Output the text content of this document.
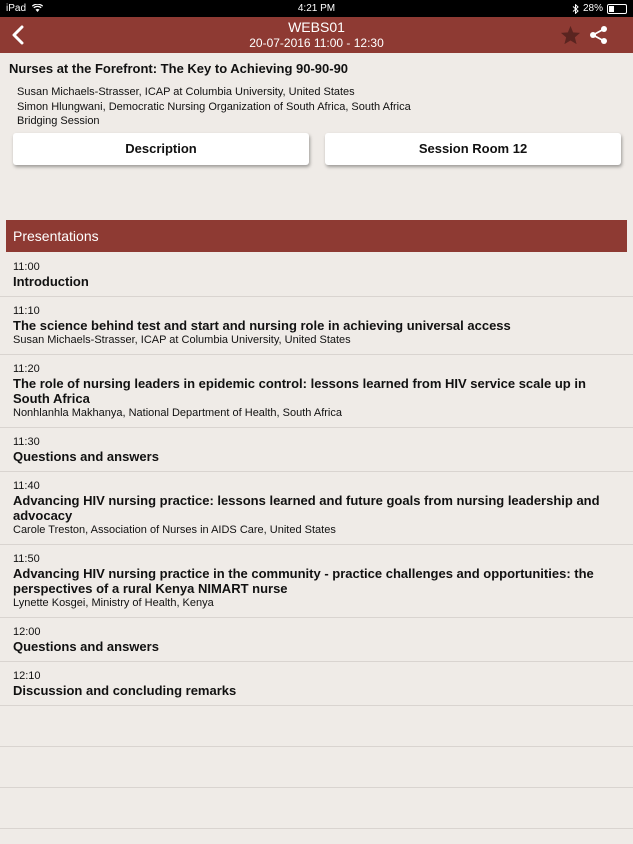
iPad	4:21 PM	28%
WEBS01
20-07-2016 11:00 - 12:30
Nurses at the Forefront: The Key to Achieving 90-90-90
Susan Michaels-Strasser, ICAP at Columbia University, United States
Simon Hlungwani, Democratic Nursing Organization of South Africa, South Africa
Bridging Session
Description	Session Room 12
Presentations
11:00
Introduction
11:10
The science behind test and start and nursing role in achieving universal access
Susan Michaels-Strasser, ICAP at Columbia University, United States
11:20
The role of nursing leaders in epidemic control: lessons learned from HIV service scale up in South Africa
Nonhlanhla Makhanya, National Department of Health, South Africa
11:30
Questions and answers
11:40
Advancing HIV nursing practice: lessons learned and future goals from nursing leadership and advocacy
Carole Treston, Association of Nurses in AIDS Care, United States
11:50
Advancing HIV nursing practice in the community - practice challenges and opportunities: the perspectives of a rural Kenya NIMART nurse
Lynette Kosgei, Ministry of Health, Kenya
12:00
Questions and answers
12:10
Discussion and concluding remarks
